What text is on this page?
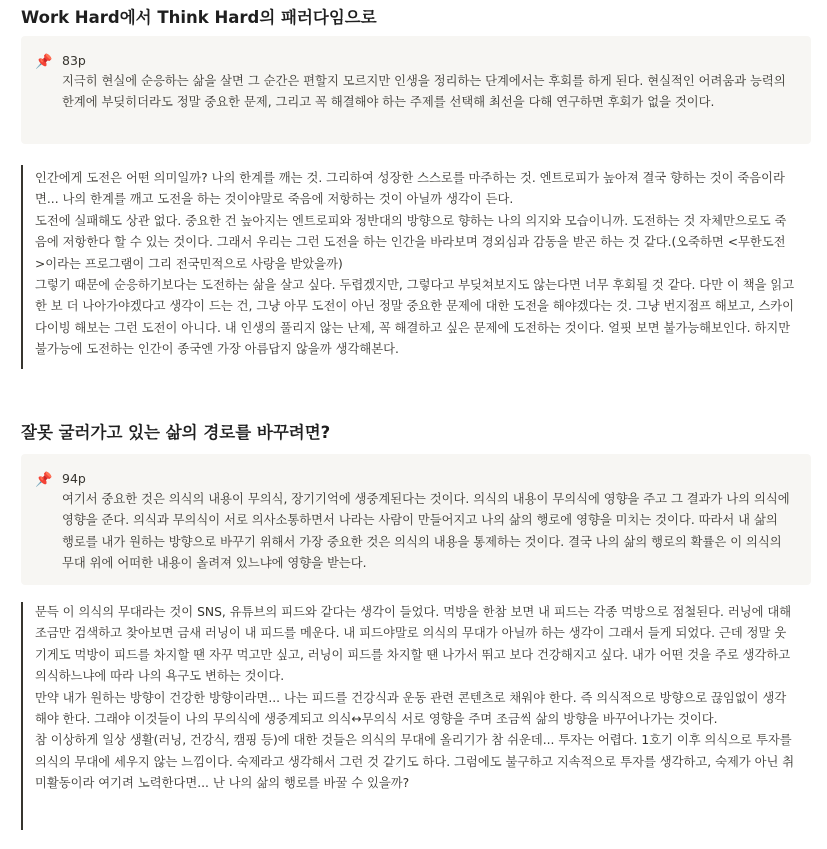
Work Hard에서 Think Hard의 패러다임으로
📌 83p
지극히 현실에 순응하는 삶을 살면 그 순간은 편할지 모르지만 인생을 정리하는 단계에서는 후회를 하게 된다. 현실적인 어려움과 능력의 한계에 부딪히더라도 정말 중요한 문제, 그리고 꼭 해결해야 하는 주제를 선택해 최선을 다해 연구하면 후회가 없을 것이다.

인간에게 도전은 어떤 의미일까? 나의 한계를 깨는 것. 그리하여 성장한 스스로를 마주하는 것. 엔트로피가 높아져 결국 향하는 것이 죽음이라면... 나의 한계를 깨고 도전을 하는 것이야말로 죽음에 저항하는 것이 아닐까 생각이 든다.

도전에 실패해도 상관 없다. 중요한 건 높아지는 엔트로피와 정반대의 방향으로 향하는 나의 의지와 모습이니까. 도전하는 것 자체만으로도 죽음에 저항한다 할 수 있는 것이다. 그래서 우리는 그런 도전을 하는 인간을 바라보며 경외심과 감동을 받곤 하는 것 같다.(오죽하면 <무한도전>이라는 프로그램이 그리 전국민적으로 사랑을 받았을까)

그렇기 때문에 순응하기보다는 도전하는 삶을 살고 싶다. 두렵겠지만, 그렇다고 부딪쳐보지도 않는다면 너무 후회될 것 같다. 다만 이 책을 읽고 한 보 더 나아가야겠다고 생각이 드는 건, 그냥 아무 도전이 아닌 정말 중요한 문제에 대한 도전을 해야겠다는 것. 그냥 번지점프 해보고, 스카이다이빙 해보는 그런 도전이 아니다. 내 인생의 풀리지 않는 난제, 꼭 해결하고 싶은 문제에 도전하는 것이다. 얼핏 보면 불가능해보인다. 하지만 불가능에 도전하는 인간이 종국엔 가장 아름답지 않을까 생각해본다.

잘못 굴러가고 있는 삶의 경로를 바꾸려면?
📌 94p
여기서 중요한 것은 의식의 내용이 무의식, 장기기억에 생중계된다는 것이다. 의식의 내용이 무의식에 영향을 주고 그 결과가 나의 의식에 영향을 준다. 의식과 무의식이 서로 의사소통하면서 나라는 사람이 만들어지고 나의 삶의 행로에 영향을 미치는 것이다. 따라서 내 삶의 행로를 내가 원하는 방향으로 바꾸기 위해서 가장 중요한 것은 의식의 내용을 통제하는 것이다. 결국 나의 삶의 행로의 확률은 이 의식의 무대 위에 어떠한 내용이 올려져 있느냐에 영향을 받는다.

문득 이 의식의 무대라는 것이 SNS, 유튜브의 피드와 같다는 생각이 들었다. 먹방을 한참 보면 내 피드는 각종 먹방으로 점철된다. 러닝에 대해 조금만 검색하고 찾아보면 금새 러닝이 내 피드를 메운다. 내 피드야말로 의식의 무대가 아닐까 하는 생각이 그래서 들게 되었다. 근데 정말 웃기게도 먹방이 피드를 차지할 땐 자꾸 먹고만 싶고, 러닝이 피드를 차지할 땐 나가서 뛰고 보다 건강해지고 싶다. 내가 어떤 것을 주로 생각하고 의식하느냐에 따라 나의 욕구도 변하는 것이다.

만약 내가 원하는 방향이 건강한 방향이라면... 나는 피드를 건강식과 운동 관련 콘텐츠로 채워야 한다. 즉 의식적으로 방향으로 끊임없이 생각해야 한다. 그래야 이것들이 나의 무의식에 생중계되고 의식↔무의식 서로 영향을 주며 조금씩 삶의 방향을 바꾸어나가는 것이다.

참 이상하게 일상 생활(러닝, 건강식, 캠핑 등)에 대한 것들은 의식의 무대에 올리기가 참 쉬운데... 투자는 어렵다. 1호기 이후 의식으로 투자를 의식의 무대에 세우지 않는 느낌이다. 숙제라고 생각해서 그런 것 같기도 하다. 그럼에도 불구하고 지속적으로 투자를 생각하고, 숙제가 아닌 취미활동이라 여기려 노력한다면... 난 나의 삶의 행로를 바꿀 수 있을까?
